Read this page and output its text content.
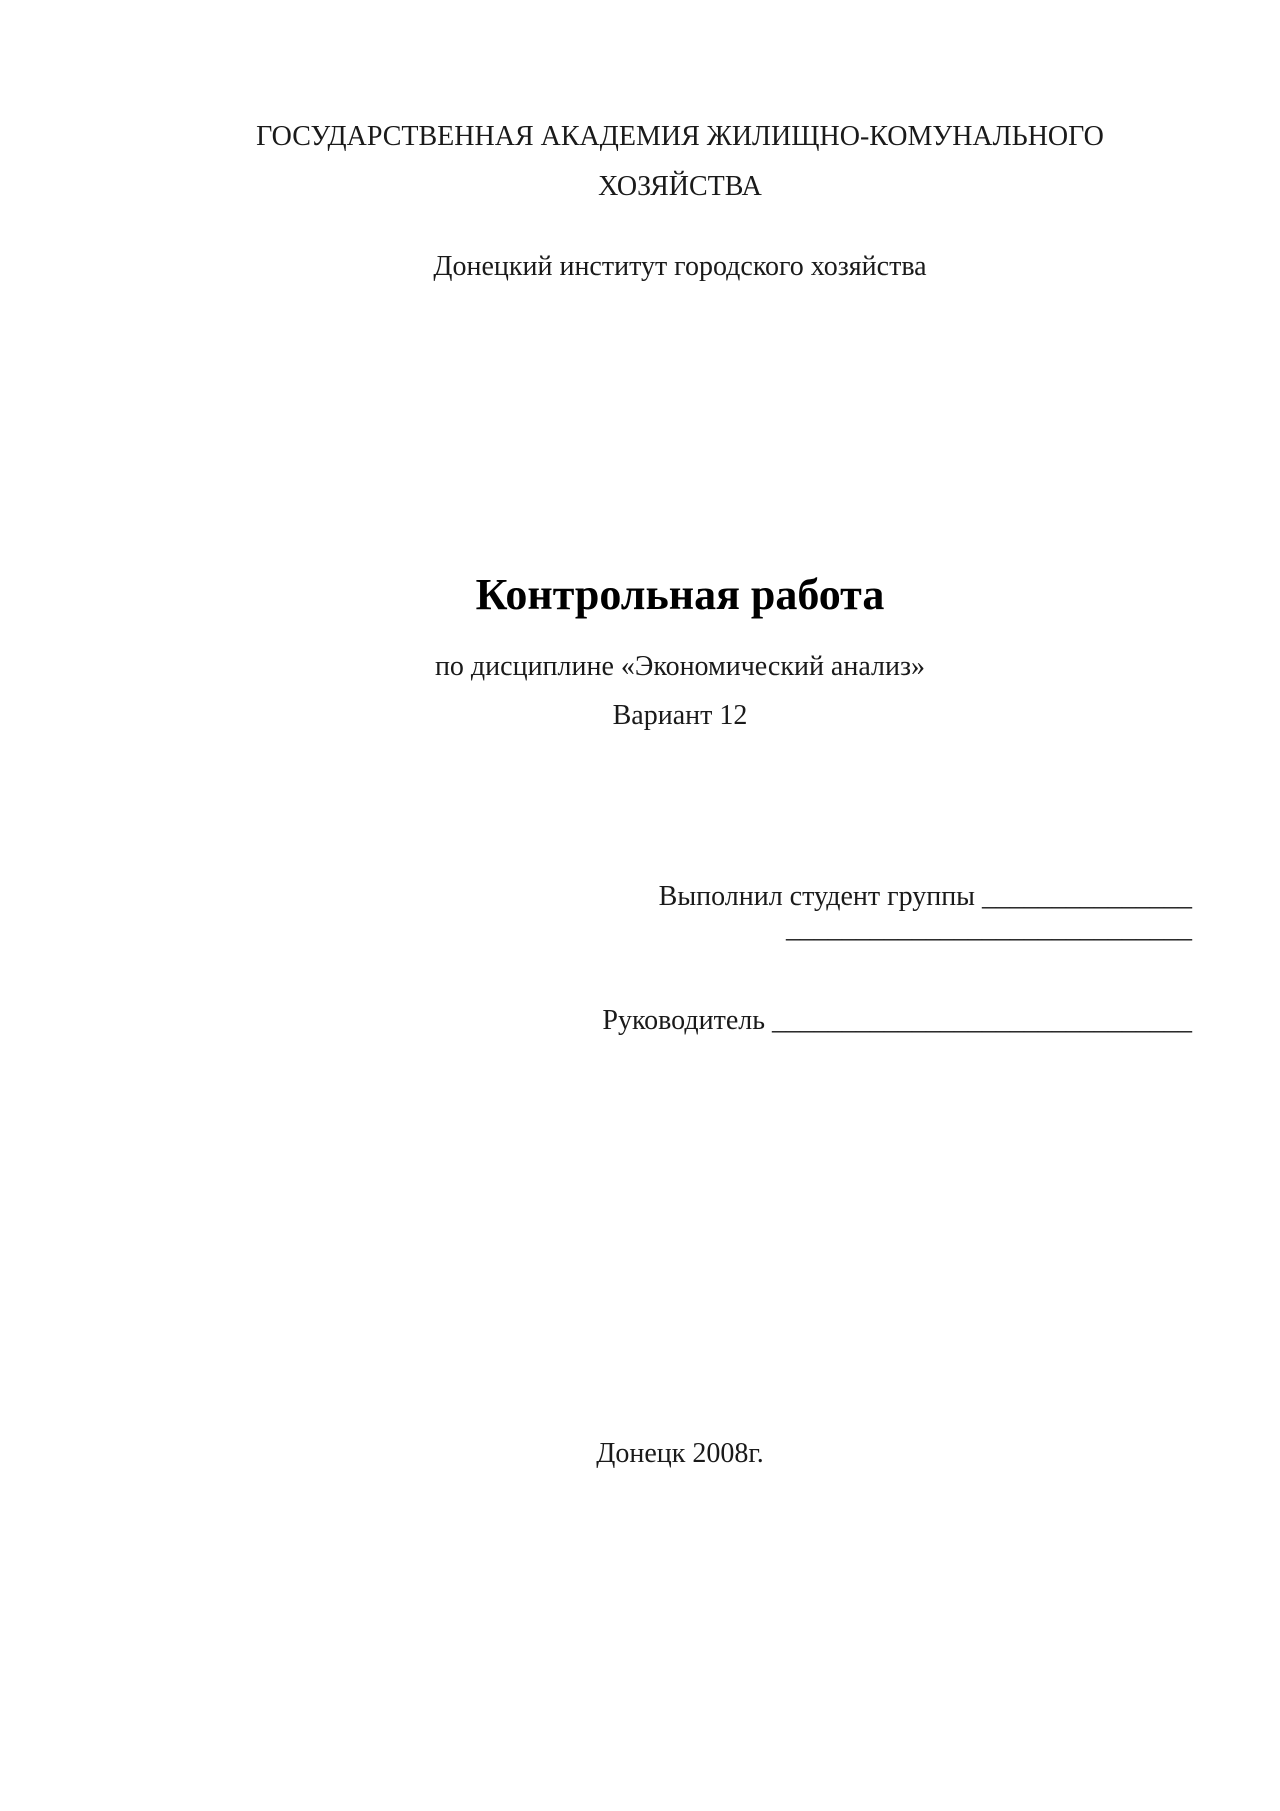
ГОСУДАРСТВЕННАЯ АКАДЕМИЯ ЖИЛИЩНО-КОМУНАЛЬНОГО
ХОЗЯЙСТВА
Донецкий институт городского хозяйства
Контрольная работа
по дисциплине «Экономический анализ»
Вариант 12
Выполнил студент группы _______________
_____________________________
Руководитель ______________________________
Донецк 2008г.
